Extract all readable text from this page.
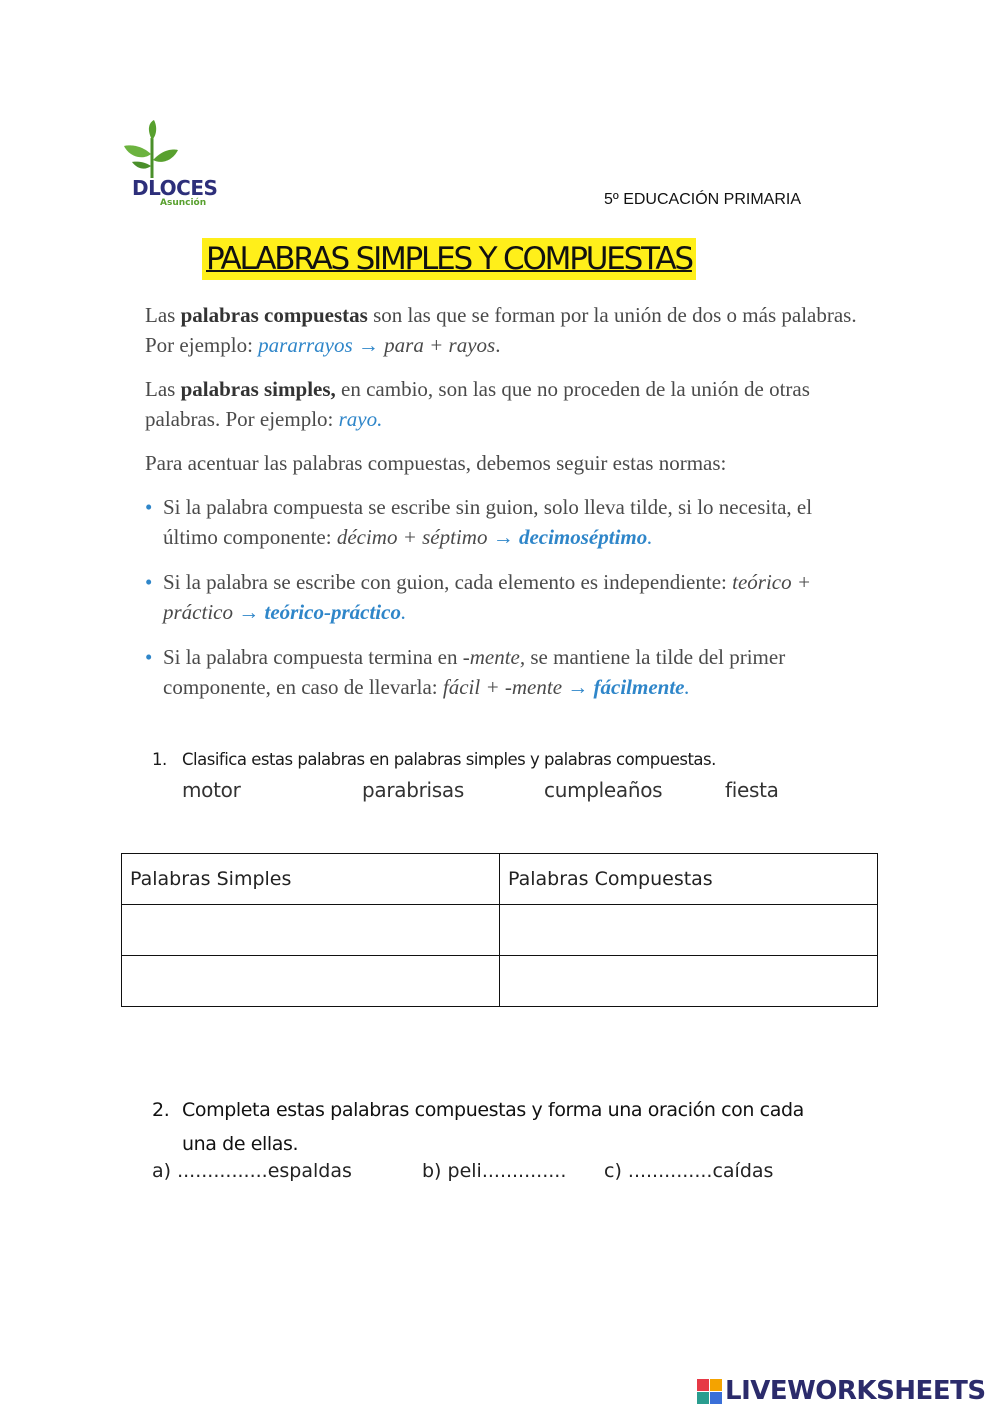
DLOCES
Asunción	5º EDUCACIÓN PRIMARIA
PALABRAS SIMPLES Y COMPUESTAS

Las palabras compuestas son las que se forman por la unión de dos o más palabras. Por ejemplo: pararrayos → para + rayos.

Las palabras simples, en cambio, son las que no proceden de la unión de otras palabras. Por ejemplo: rayo.

Para acentuar las palabras compuestas, debemos seguir estas normas:

• Si la palabra compuesta se escribe sin guion, solo lleva tilde, si lo necesita, el último componente: décimo + séptimo → decimoséptimo.

• Si la palabra se escribe con guion, cada elemento es independiente: teórico + práctico → teórico-práctico.

• Si la palabra compuesta termina en -mente, se mantiene la tilde del primer componente, en caso de llevarla: fácil + -mente → fácilmente.

1. Clasifica estas palabras en palabras simples y palabras compuestas.
motor	parabrisas	cumpleaños	fiesta
Palabras Simples	Palabras Compuestas

2. Completa estas palabras compuestas y forma una oración con cada
una de ellas.
a) ...............espaldas	b) peli.............. c) ..............caídas
LIVEWORKSHEETS
